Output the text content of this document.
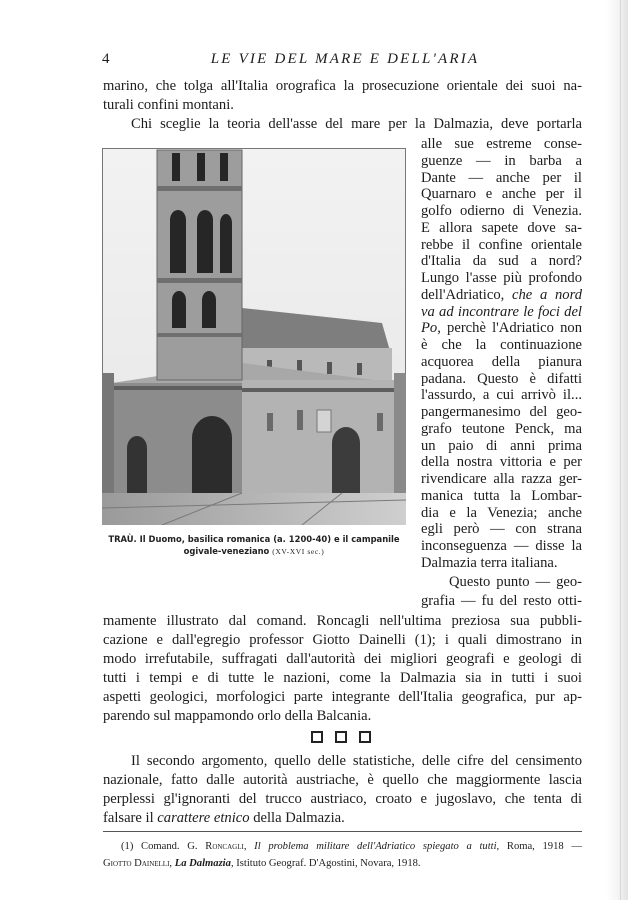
4	LE VIE DEL MARE E DELL'ARIA
marino, che tolga all'Italia orografica la prosecuzione orientale dei suoi na-
turali confini montani.
Chi sceglie la teoria dell'asse del mare per la Dalmazia, deve portarla
TRAÙ. Il Duomo, basilica romanica (a. 1200-40) e il campanile ogivale-veneziano (XV-XVI sec.)
alle sue estreme conse-
guenze — in barba a
Dante — anche per il
Quarnaro e anche per il
golfo odierno di Venezia.
E allora sapete dove sa-
rebbe il confine orientale
d'Italia da sud a nord?
Lungo l'asse più profondo
dell'Adriatico, che a nord
va ad incontrare le foci del
Po, perchè l'Adriatico non
è che la continuazione
acquorea della pianura
padana. Questo è difatti
l'assurdo, a cui arrivò il...
pangermanesimo del geo-
grafo teutone Penck, ma
un paio di anni prima
della nostra vittoria e per
rivendicare alla razza ger-
manica tutta la Lombar-
dia e la Venezia; anche
egli però — con strana
inconseguenza — disse la
Dalmazia terra italiana.
Questo punto — geo-
grafia — fu del resto otti-
mamente illustrato dal comand. Roncagli nell'ultima preziosa sua pubbli-
cazione e dall'egregio professor Giotto Dainelli (1); i quali dimostrano in
modo irrefutabile, suffragati dall'autorità dei migliori geografi e geologi di
tutti i tempi e di tutte le nazioni, come la Dalmazia sia in tutti i suoi
aspetti geologici, morfologici parte integrante dell'Italia geografica, pur ap-
parendo sul mappamondo orlo della Balcania.
Il secondo argomento, quello delle statistiche, delle cifre del censimento
nazionale, fatto dalle autorità austriache, è quello che maggiormente lascia
perplessi gl'ignoranti del trucco austriaco, croato e jugoslavo, che tenta di
falsare il carattere etnico della Dalmazia.
(1) Comand. G. Roncagli, Il problema militare dell'Adriatico spiegato a tutti, Roma, 1918 —
Giotto Dainelli, La Dalmazia, Istituto Geograf. D'Agostini, Novara, 1918.
